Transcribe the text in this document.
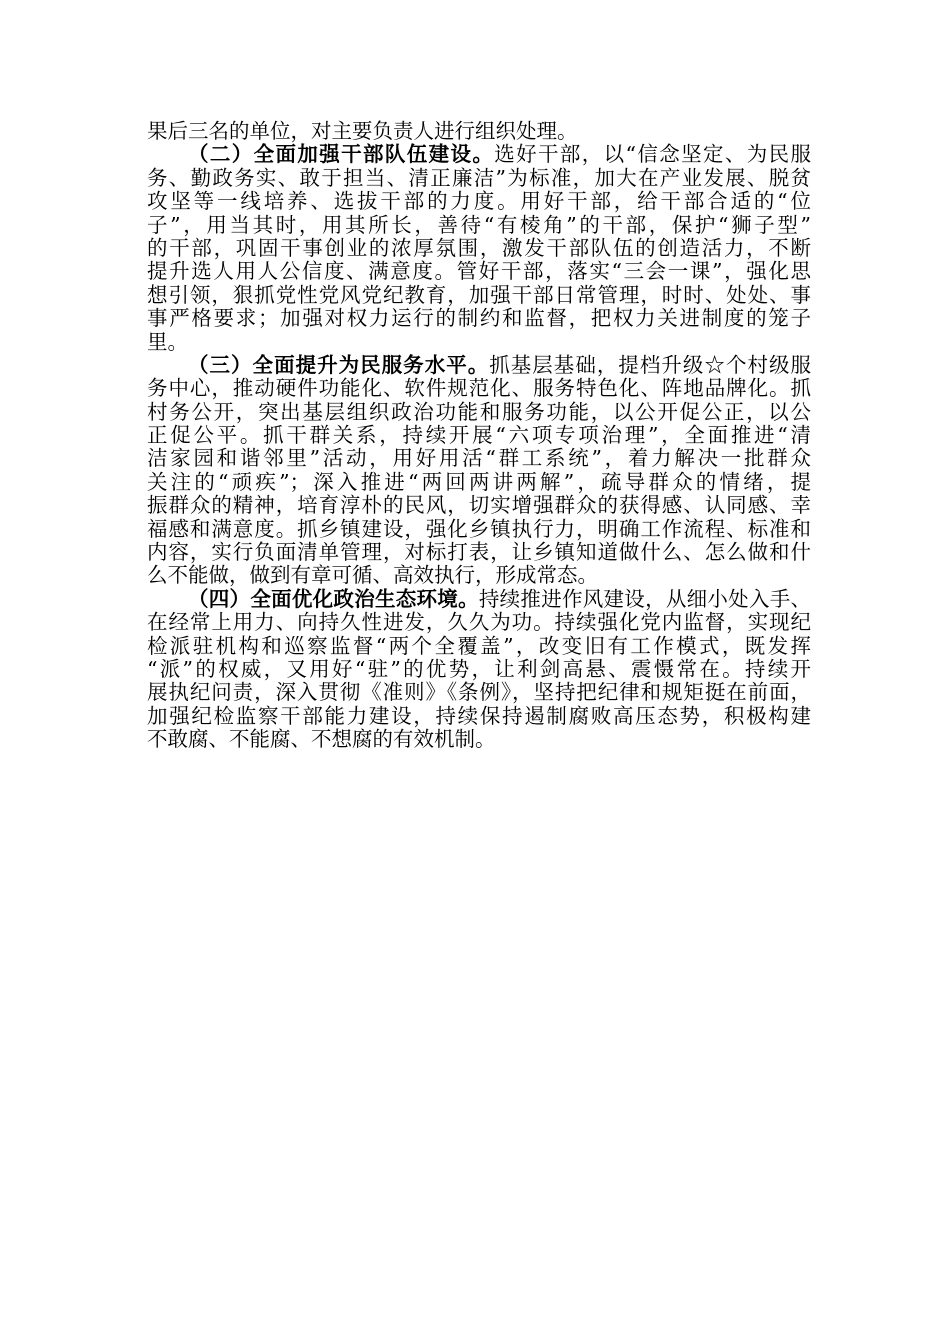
果后三名的单位，对主要负责人进行组织处理。
（二）全面加强干部队伍建设。选好干部，以“信念坚定、为民服
务、勤政务实、敢于担当、清正廉洁”为标准，加大在产业发展、脱贫
攻坚等一线培养、选拔干部的力度。用好干部，给干部合适的“位
子”，用当其时，用其所长，善待“有棱角”的干部，保护“狮子型”
的干部，巩固干事创业的浓厚氛围，激发干部队伍的创造活力，不断
提升选人用人公信度、满意度。管好干部，落实“三会一课”，强化思
想引领，狠抓党性党风党纪教育，加强干部日常管理，时时、处处、事
事严格要求；加强对权力运行的制约和监督，把权力关进制度的笼子
里。
（三）全面提升为民服务水平。抓基层基础，提档升级☆个村级服
务中心，推动硬件功能化、软件规范化、服务特色化、阵地品牌化。抓
村务公开，突出基层组织政治功能和服务功能，以公开促公正，以公
正促公平。抓干群关系，持续开展“六项专项治理”，全面推进“清
洁家园和谐邻里”活动，用好用活“群工系统”，着力解决一批群众
关注的“顽疾”；深入推进“两回两讲两解”，疏导群众的情绪，提
振群众的精神，培育淳朴的民风，切实增强群众的获得感、认同感、幸
福感和满意度。抓乡镇建设，强化乡镇执行力，明确工作流程、标准和
内容，实行负面清单管理，对标打表，让乡镇知道做什么、怎么做和什
么不能做，做到有章可循、高效执行，形成常态。
（四）全面优化政治生态环境。持续推进作风建设，从细小处入手、
在经常上用力、向持久性进发，久久为功。持续强化党内监督，实现纪
检派驻机构和巡察监督“两个全覆盖”，改变旧有工作模式，既发挥
“派”的权威，又用好“驻”的优势，让利剑高悬、震慑常在。持续开
展执纪问责，深入贯彻《准则》《条例》，坚持把纪律和规矩挺在前面，
加强纪检监察干部能力建设，持续保持遏制腐败高压态势，积极构建
不敢腐、不能腐、不想腐的有效机制。
